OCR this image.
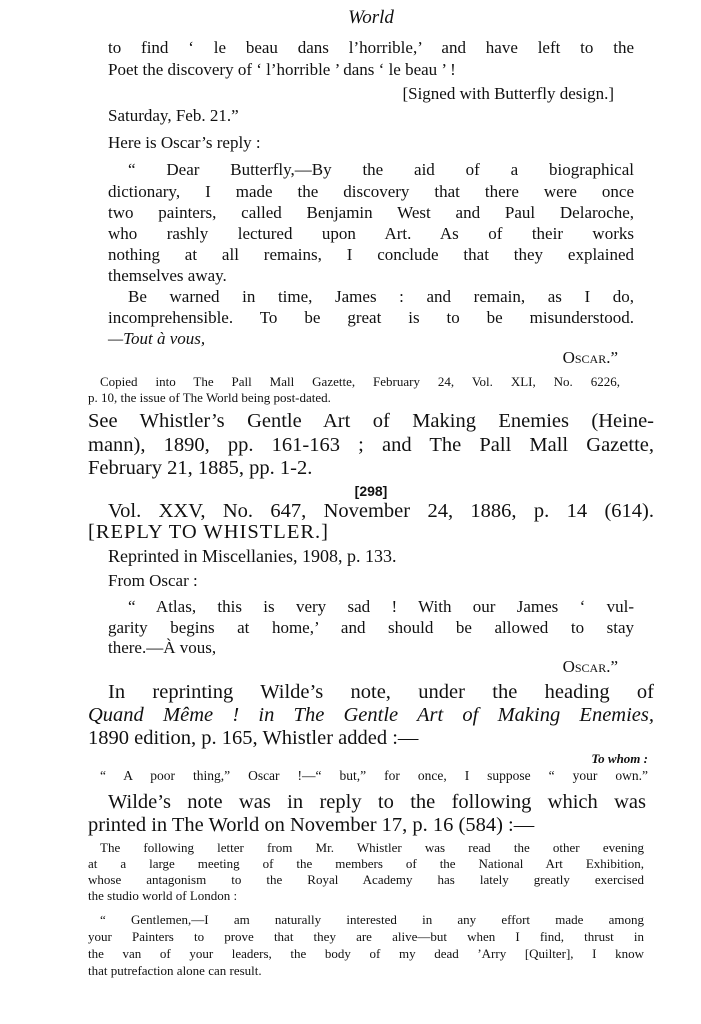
World
to find ‘ le beau dans l’horrible,’ and have left to the
Poet the discovery of ‘ l’horrible ’ dans ‘ le beau ’ !
[Signed with Butterfly design.]
Saturday, Feb. 21.”
Here is Oscar’s reply :
“ Dear Butterfly,—By the aid of a biographical
dictionary, I made the discovery that there were once
two painters, called Benjamin West and Paul Delaroche,
who rashly lectured upon Art. As of their works
nothing at all remains, I conclude that they explained
themselves away.
Be warned in time, James : and remain, as I do,
incomprehensible. To be great is to be misunderstood.
—Tout à vous,
Oscar.”
Copied into The Pall Mall Gazette, February 24, Vol. XLI, No. 6226,
p. 10, the issue of The World being post-dated.
See Whistler’s Gentle Art of Making Enemies (Heine-
mann), 1890, pp. 161-163 ; and The Pall Mall Gazette,
February 21, 1885, pp. 1-2.
[298]
Vol. XXV, No. 647, November 24, 1886, p. 14 (614).
[REPLY TO WHISTLER.]
Reprinted in Miscellanies, 1908, p. 133.
From Oscar :
“ Atlas, this is very sad ! With our James ‘ vul-
garity begins at home,’ and should be allowed to stay
there.—À vous,
Oscar.”
In reprinting Wilde’s note, under the heading of
Quand Même ! in The Gentle Art of Making Enemies,
1890 edition, p. 165, Whistler added :—
To whom :
“ A poor thing,” Oscar !—“ but,” for once, I suppose “ your own.”
Wilde’s note was in reply to the following which was
printed in The World on November 17, p. 16 (584) :—
The following letter from Mr. Whistler was read the other evening
at a large meeting of the members of the National Art Exhibition,
whose antagonism to the Royal Academy has lately greatly exercised
the studio world of London :
“ Gentlemen,—I am naturally interested in any effort made among
your Painters to prove that they are alive—but when I find, thrust in
the van of your leaders, the body of my dead ’Arry [Quilter], I know
that putrefaction alone can result.
